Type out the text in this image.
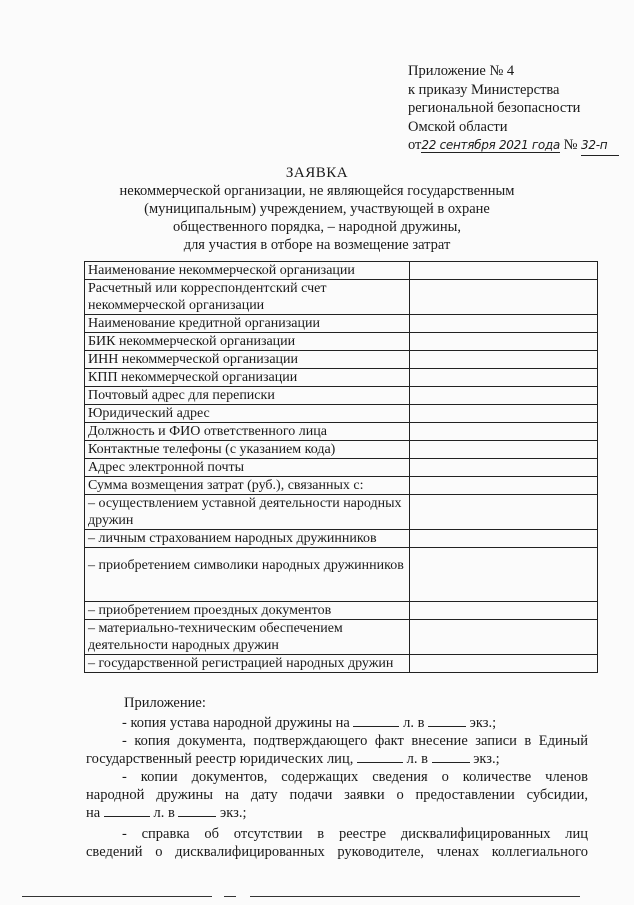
Приложение № 4
к приказу Министерства
региональной безопасности
Омской области
от22 сентября 2021 года № 32-п
ЗАЯВКА
некоммерческой организации, не являющейся государственным
(муниципальным) учреждением, участвующей в охране
общественного порядка, – народной дружины,
для участия в отборе на возмещение затрат
Наименование некоммерческой организации	
Расчетный или корреспондентский счет некоммерческой организации	
Наименование кредитной организации	
БИК некоммерческой организации	
ИНН некоммерческой организации	
КПП некоммерческой организации	
Почтовый адрес для переписки	
Юридический адрес	
Должность и ФИО ответственного лица	
Контактные телефоны (с указанием кода)	
Адрес электронной почты	
Сумма возмещения затрат (руб.), связанных с:	
– осуществлением уставной деятельности народных дружин	
– личным страхованием народных дружинников	
– приобретением символики народных дружинников	
– приобретением проездных документов	
– материально-техническим обеспечением деятельности народных дружин	
– государственной регистрацией народных дружин	
Приложение:

- копия устава народной дружины на	л. в	экз.;

- копия документа, подтверждающего факт внесение записи в Единый

государственный реестр юридических лиц,	л. в	экз.;

- копии документов, содержащих сведения о количестве членов

народной дружины на дату подачи заявки о предоставлении субсидии,

на	л. в	экз.;

- справка об отсутствии в реестре дисквалифицированных лиц

сведений о дисквалифицированных руководителе, членах коллегиального
